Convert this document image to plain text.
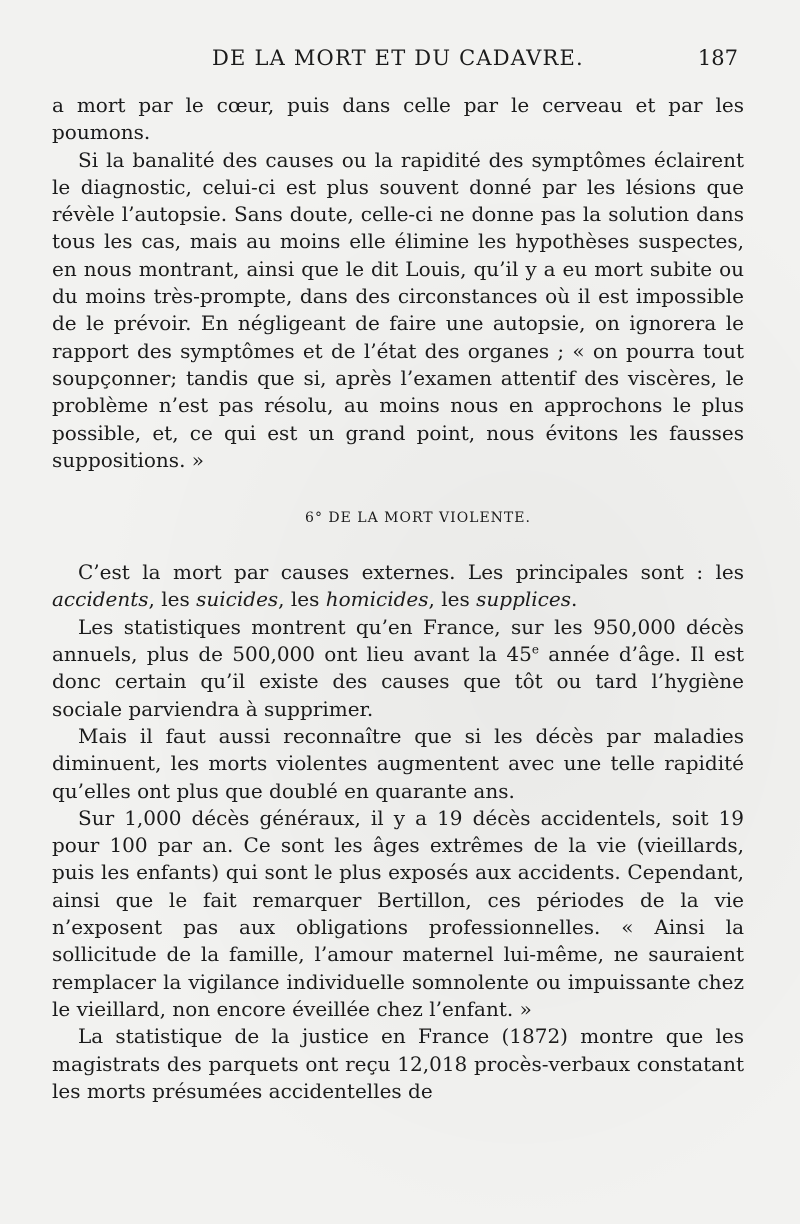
DE LA MORT ET DU CADAVRE.	187

a mort par le cœur, puis dans celle par le cerveau et par les poumons.

Si la banalité des causes ou la rapidité des symptômes éclairent le diagnostic, celui-ci est plus souvent donné par les lésions que révèle l’autopsie. Sans doute, celle-ci ne donne pas la solution dans tous les cas, mais au moins elle élimine les hypothèses suspectes, en nous montrant, ainsi que le dit Louis, qu’il y a eu mort subite ou du moins très-prompte, dans des circonstances où il est impossible de le prévoir. En négligeant de faire une autopsie, on ignorera le rapport des symptômes et de l’état des organes ; « on pourra tout soupçonner; tandis que si, après l’examen attentif des viscères, le problème n’est pas résolu, au moins nous en approchons le plus possible, et, ce qui est un grand point, nous évitons les fausses suppositions. »

6° DE LA MORT VIOLENTE.

C’est la mort par causes externes. Les principales sont : les accidents, les suicides, les homicides, les supplices.

Les statistiques montrent qu’en France, sur les 950,000 décès annuels, plus de 500,000 ont lieu avant la 45e année d’âge. Il est donc certain qu’il existe des causes que tôt ou tard l’hygiène sociale parviendra à supprimer.

Mais il faut aussi reconnaître que si les décès par maladies diminuent, les morts violentes augmentent avec une telle rapidité qu’elles ont plus que doublé en quarante ans.

Sur 1,000 décès généraux, il y a 19 décès accidentels, soit 19 pour 100 par an. Ce sont les âges extrêmes de la vie (vieillards, puis les enfants) qui sont le plus exposés aux accidents. Cependant, ainsi que le fait remarquer Bertillon, ces périodes de la vie n’exposent pas aux obligations professionnelles. « Ainsi la sollicitude de la famille, l’amour maternel lui-même, ne sauraient remplacer la vigilance individuelle somnolente ou impuissante chez le vieillard, non encore éveillée chez l’enfant. »

La statistique de la justice en France (1872) montre que les magistrats des parquets ont reçu 12,018 procès-verbaux constatant les morts présumées accidentelles de
